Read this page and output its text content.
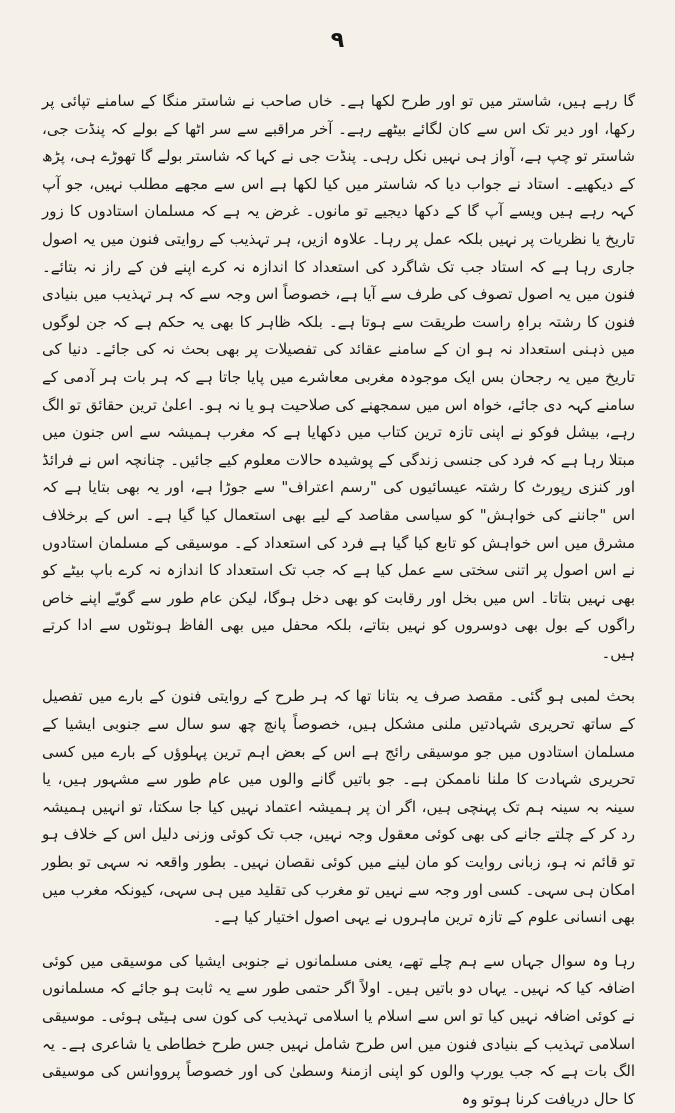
۹

گا رہے ہیں، شاستر میں تو اور طرح لکھا ہے۔ خاں صاحب نے شاستر منگا کے سامنے تپائی پر رکھا، اور دیر تک اس سے کان لگائے بیٹھے رہے۔ آخر مراقبے سے سر اٹھا کے بولے کہ پنڈت جی، شاستر تو چپ ہے، آواز ہی نہیں نکل رہی۔ پنڈت جی نے کہا کہ شاستر بولے گا تھوڑے ہی، پڑھ کے دیکھیے۔ استاد نے جواب دیا کہ شاستر میں کیا لکھا ہے اس سے مجھے مطلب نہیں، جو آپ کہہ رہے ہیں ویسے آپ گا کے دکھا دیجیے تو مانوں۔ غرض یہ ہے کہ مسلمان استادوں کا زور تاریخ یا نظریات پر نہیں بلکہ عمل پر رہا۔ علاوہ ازیں، ہر تہذیب کے روایتی فنون میں یہ اصول جاری رہا ہے کہ استاد جب تک شاگرد کی استعداد کا اندازہ نہ کرے اپنے فن کے راز نہ بتائے۔ فنون میں یہ اصول تصوف کی طرف سے آیا ہے، خصوصاً اس وجہ سے کہ ہر تہذیب میں بنیادی فنون کا رشتہ براہِ راست طریقت سے ہوتا ہے۔ بلکہ ظاہر کا بھی یہ حکم ہے کہ جن لوگوں میں ذہنی استعداد نہ ہو ان کے سامنے عقائد کی تفصیلات پر بھی بحث نہ کی جائے۔ دنیا کی تاریخ میں یہ رجحان بس ایک موجودہ مغربی معاشرے میں پایا جاتا ہے کہ ہر بات ہر آدمی کے سامنے کہہ دی جائے، خواہ اس میں سمجھنے کی صلاحیت ہو یا نہ ہو۔ اعلیٰ ترین حقائق تو الگ رہے، بیشل فوکو نے اپنی تازہ ترین کتاب میں دکھایا ہے کہ مغرب ہمیشہ سے اس جنون میں مبتلا رہا ہے کہ فرد کی جنسی زندگی کے پوشیدہ حالات معلوم کیے جائیں۔ چنانچہ اس نے فرائڈ اور کنزی رپورٹ کا رشتہ عیسائیوں کی "رسم اعتراف" سے جوڑا ہے، اور یہ بھی بتایا ہے کہ اس "جاننے کی خواہش" کو سیاسی مقاصد کے لیے بھی استعمال کیا گیا ہے۔ اس کے برخلاف مشرق میں اس خواہش کو تابع کیا گیا ہے فرد کی استعداد کے۔ موسیقی کے مسلمان استادوں نے اس اصول پر اتنی سختی سے عمل کیا ہے کہ جب تک استعداد کا اندازہ نہ کرے باپ بیٹے کو بھی نہیں بتاتا۔ اس میں بخل اور رقابت کو بھی دخل ہوگا، لیکن عام طور سے گویّے اپنے خاص راگوں کے بول بھی دوسروں کو نہیں بتاتے، بلکہ محفل میں بھی الفاظ ہونٹوں سے ادا کرتے ہیں۔

بحث لمبی ہو گئی۔ مقصد صرف یہ بتانا تھا کہ ہر طرح کے روایتی فنون کے بارے میں تفصیل کے ساتھ تحریری شہادتیں ملنی مشکل ہیں، خصوصاً پانچ چھ سو سال سے جنوبی ایشیا کے مسلمان استادوں میں جو موسیقی رائج ہے اس کے بعض اہم ترین پہلوؤں کے بارے میں کسی تحریری شہادت کا ملنا ناممکن ہے۔ جو باتیں گانے والوں میں عام طور سے مشہور ہیں، یا سینہ بہ سینہ ہم تک پہنچی ہیں، اگر ان پر ہمیشہ اعتماد نہیں کیا جا سکتا، تو انہیں ہمیشہ رد کر کے چلتے جانے کی بھی کوئی معقول وجہ نہیں، جب تک کوئی وزنی دلیل اس کے خلاف ہو تو قائم نہ ہو، زبانی روایت کو مان لینے میں کوئی نقصان نہیں۔ بطور واقعہ نہ سہی تو بطور امکان ہی سہی۔ کسی اور وجہ سے نہیں تو مغرب کی تقلید میں ہی سہی، کیونکہ مغرب میں بھی انسانی علوم کے تازہ ترین ماہروں نے یہی اصول اختیار کیا ہے۔

رہا وہ سوال جہاں سے ہم چلے تھے، یعنی مسلمانوں نے جنوبی ایشیا کی موسیقی میں کوئی اضافہ کیا کہ نہیں۔ یہاں دو باتیں ہیں۔ اولاً اگر حتمی طور سے یہ ثابت ہو جائے کہ مسلمانوں نے کوئی اضافہ نہیں کیا تو اس سے اسلام یا اسلامی تہذیب کی کون سی ہیٹی ہوئی۔ موسیقی اسلامی تہذیب کے بنیادی فنون میں اس طرح شامل نہیں جس طرح خطاطی یا شاعری ہے۔ یہ الگ بات ہے کہ جب یورپ والوں کو اپنی ازمنۂ وسطیٰ کی اور خصوصاً پرووانس کی موسیقی کا حال دریافت کرنا ہوتو وہ
